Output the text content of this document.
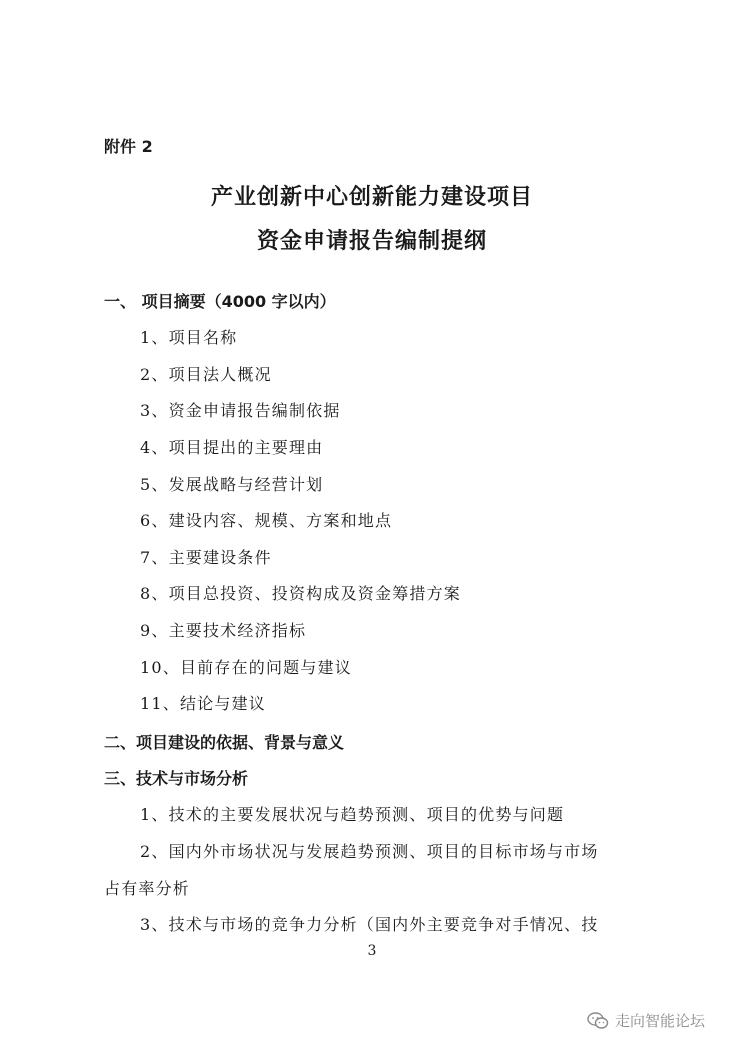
附件 2
产业创新中心创新能力建设项目
资金申请报告编制提纲
一、 项目摘要（4000 字以内）
1、项目名称
2、项目法人概况
3、资金申请报告编制依据
4、项目提出的主要理由
5、发展战略与经营计划
6、建设内容、规模、方案和地点
7、主要建设条件
8、项目总投资、投资构成及资金筹措方案
9、主要技术经济指标
10、目前存在的问题与建议
11、结论与建议
二、项目建设的依据、背景与意义
三、技术与市场分析
1、技术的主要发展状况与趋势预测、项目的优势与问题
2、国内外市场状况与发展趋势预测、项目的目标市场与市场
占有率分析
3、技术与市场的竞争力分析（国内外主要竞争对手情况、技
3
走向智能论坛
